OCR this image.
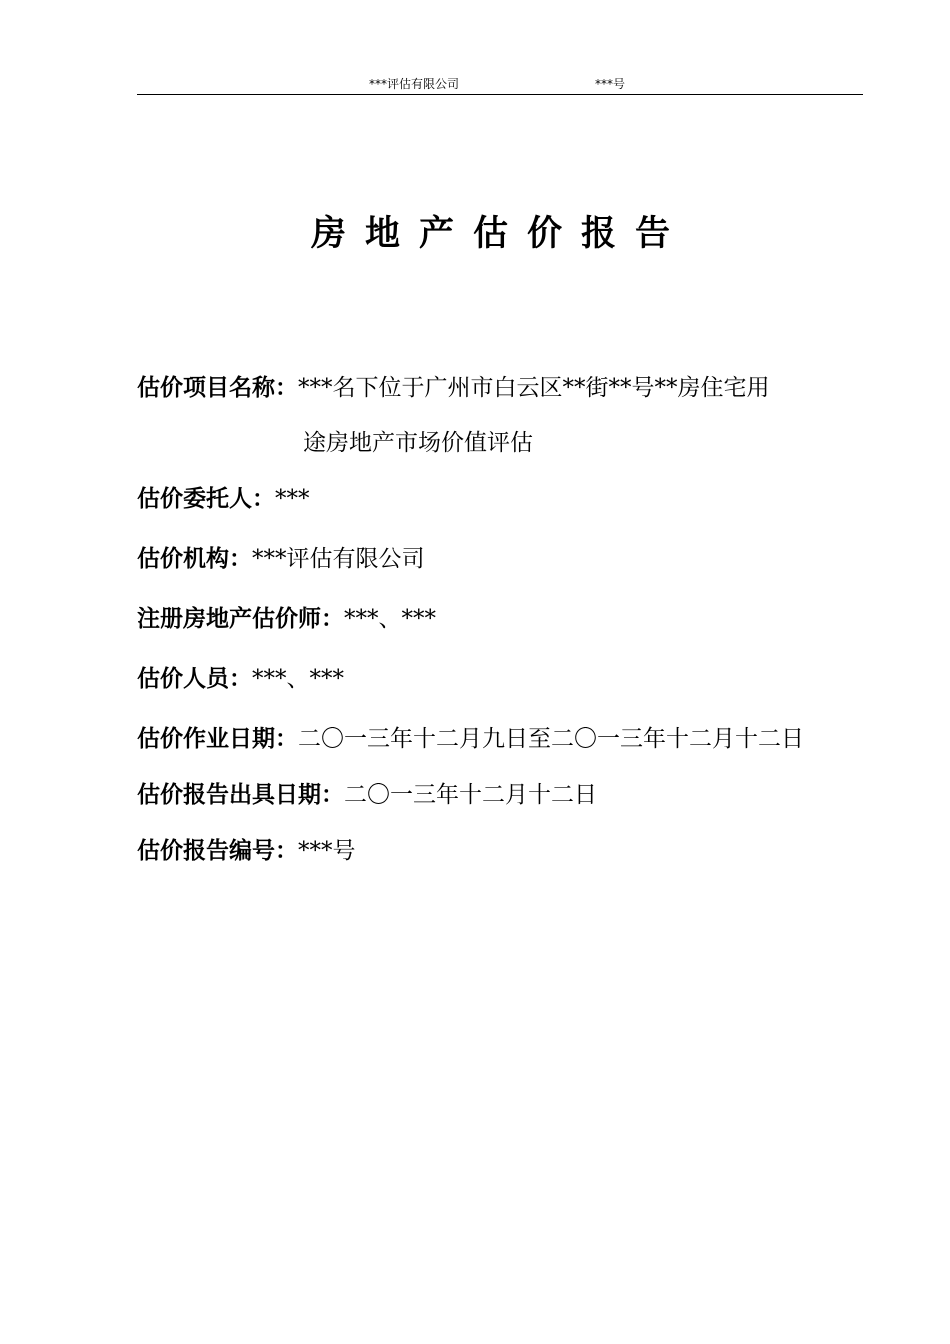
***评估有限公司	***号
房地产估价报告
估价项目名称：***名下位于广州市白云区**街**号**房住宅用
途房地产市场价值评估
估价委托人：***
估价机构：***评估有限公司
注册房地产估价师：***、***
估价人员：***、***
估价作业日期：二〇一三年十二月九日至二〇一三年十二月十二日
估价报告出具日期：二〇一三年十二月十二日
估价报告编号：***号
